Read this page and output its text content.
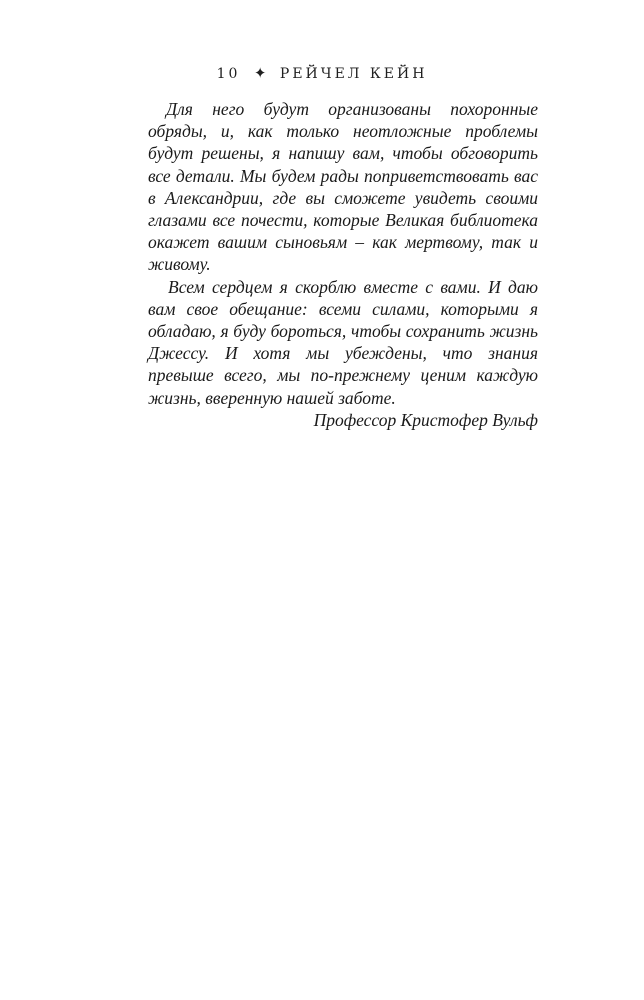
10 ✦ РЕЙЧЕЛ КЕЙН

Для него будут организованы похоронные обряды, и, как только неотложные проблемы будут решены, я напишу вам, чтобы обговорить все детали. Мы будем рады поприветствовать вас в Александрии, где вы сможете увидеть своими глазами все почести, которые Великая библиотека окажет вашим сыновьям – как мертвому, так и живому.

Всем сердцем я скорблю вместе с вами. И даю вам свое обещание: всеми силами, которыми я обладаю, я буду бороться, чтобы сохранить жизнь Джессу. И хотя мы убеждены, что знания превыше всего, мы по-прежнему ценим каждую жизнь, вверенную нашей заботе.

Профессор Кристофер Вульф
